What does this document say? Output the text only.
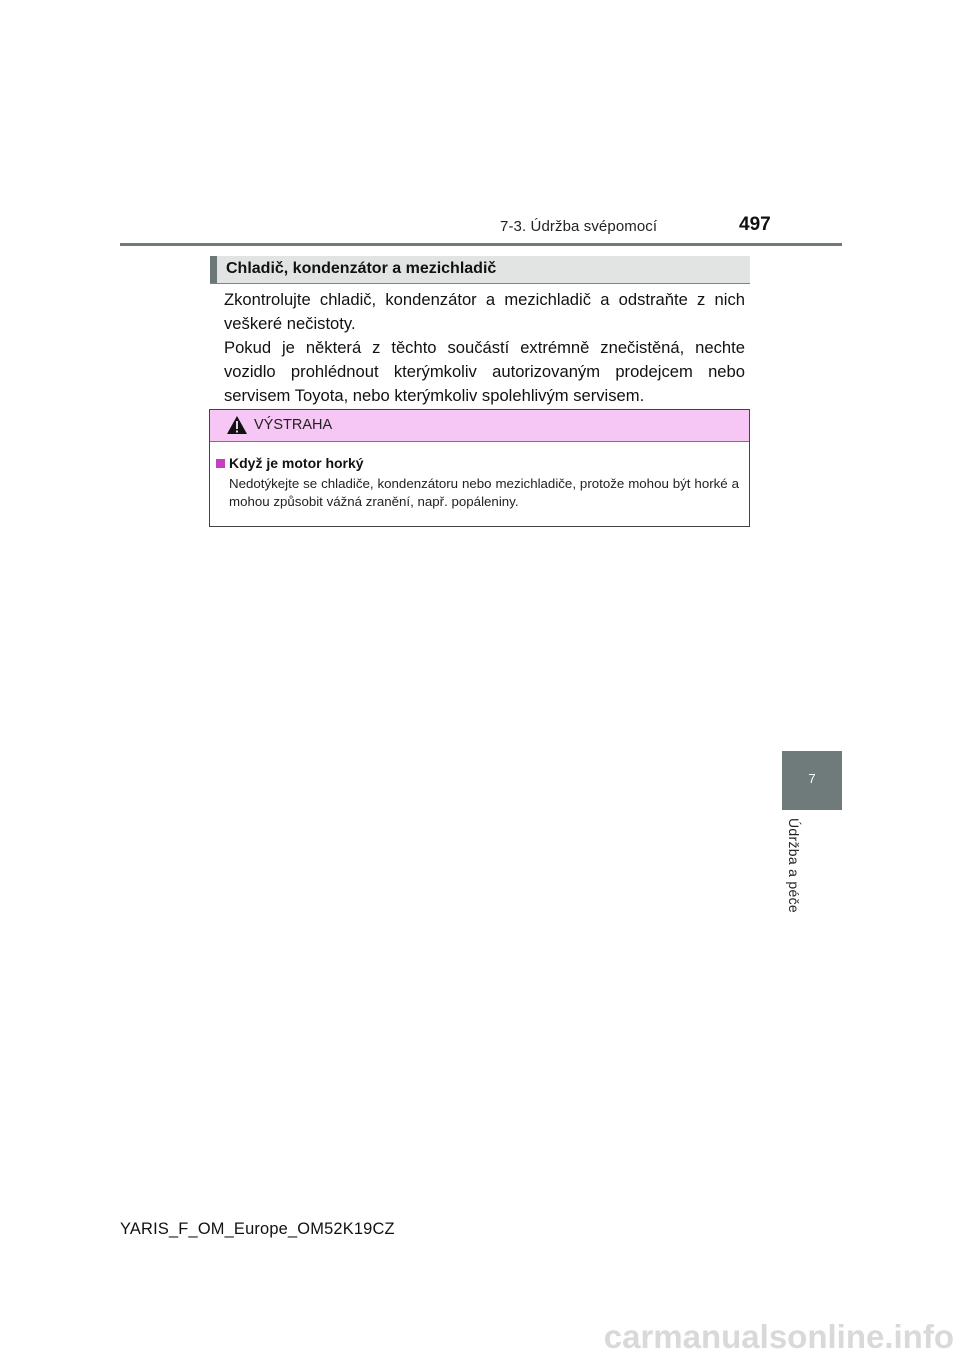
7-3. Údržba svépomocí	497
Chladič, kondenzátor a mezichladič

Zkontrolujte chladič, kondenzátor a mezichladič a odstraňte z nich veškeré nečistoty.

Pokud je některá z těchto součástí extrémně znečistěná, nechte vozidlo prohlédnout kterýmkoliv autorizovaným prodejcem nebo servisem Toyota, nebo kterýmkoliv spolehlivým servisem.

VÝSTRAHA
Když je motor horký
Nedotýkejte se chladiče, kondenzátoru nebo mezichladiče, protože mohou být horké a mohou způsobit vážná zranění, např. popáleniny.
7
Údržba a péče
YARIS_F_OM_Europe_OM52K19CZ
carmanualsonline.info
